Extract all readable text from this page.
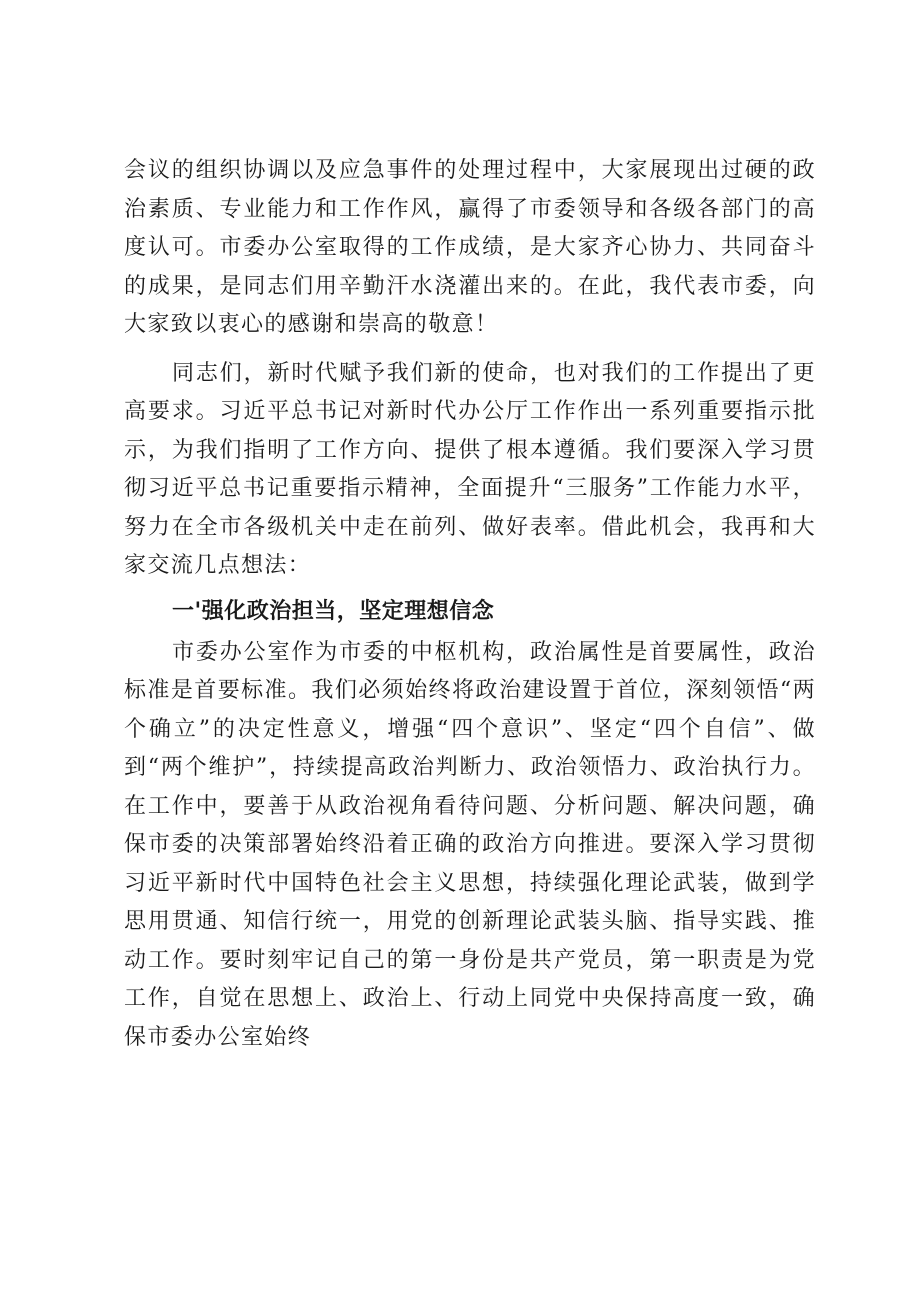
会议的组织协调以及应急事件的处理过程中，大家展现出过硬的政治素质、专业能力和工作作风，赢得了市委领导和各级各部门的高度认可。市委办公室取得的工作成绩，是大家齐心协力、共同奋斗的成果，是同志们用辛勤汗水浇灌出来的。在此，我代表市委，向大家致以衷心的感谢和崇高的敬意！

同志们，新时代赋予我们新的使命，也对我们的工作提出了更高要求。习近平总书记对新时代办公厅工作作出一系列重要指示批示，为我们指明了工作方向、提供了根本遵循。我们要深入学习贯彻习近平总书记重要指示精神，全面提升“三服务”工作能力水平，努力在全市各级机关中走在前列、做好表率。借此机会，我再和大家交流几点想法：

一'强化政治担当，坚定理想信念

市委办公室作为市委的中枢机构，政治属性是首要属性，政治标准是首要标准。我们必须始终将政治建设置于首位，深刻领悟“两个确立”的决定性意义，增强“四个意识”、坚定“四个自信”、做到“两个维护”，持续提高政治判断力、政治领悟力、政治执行力。在工作中，要善于从政治视角看待问题、分析问题、解决问题，确保市委的决策部署始终沿着正确的政治方向推进。要深入学习贯彻习近平新时代中国特色社会主义思想，持续强化理论武装，做到学思用贯通、知信行统一，用党的创新理论武装头脑、指导实践、推动工作。要时刻牢记自己的第一身份是共产党员，第一职责是为党工作，自觉在思想上、政治上、行动上同党中央保持高度一致，确保市委办公室始终
